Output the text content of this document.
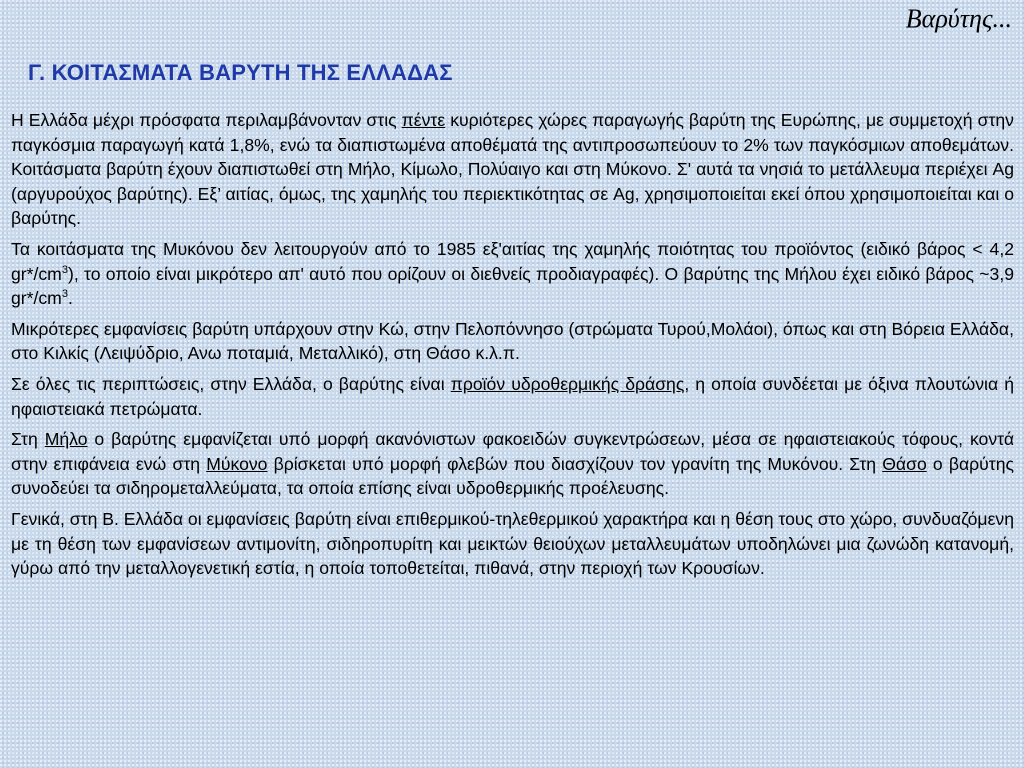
Βαρύτης...
Γ. ΚΟΙΤΑΣΜΑΤΑ ΒΑΡΥΤΗ ΤΗΣ ΕΛΛΑΔΑΣ

Η Ελλάδα μέχρι πρόσφατα περιλαμβάνονταν στις πέντε κυριότερες χώρες παραγωγής βαρύτη της Ευρώπης, με συμμετοχή στην παγκόσμια παραγωγή κατά 1,8%, ενώ τα διαπιστωμένα αποθέματά της αντιπροσωπεύουν το 2% των παγκόσμιων αποθεμάτων. Κοιτάσματα βαρύτη έχουν διαπιστωθεί στη Μήλο, Κίμωλο, Πολύαιγο και στη Μύκονο. Σ' αυτά τα νησιά το μετάλλευμα περιέχει Ag (αργυρούχος βαρύτης). Εξ’ αιτίας, όμως, της χαμηλής του περιεκτικότητας σε Ag, χρησιμοποιείται εκεί όπου χρησιμοποιείται και ο βαρύτης.

Τα κοιτάσματα της Μυκόνου δεν λειτουργούν από το 1985 εξ'αιτίας της χαμηλής ποιότητας του προϊόντος (ειδικό βάρος < 4,2 $gr*/cm^3$), το οποίο είναι μικρότερο απ' αυτό που ορίζουν οι διεθνείς προδιαγραφές). Ο βαρύτης της Μήλου έχει ειδικό βάρος ~3,9 $gr*/cm^3$.

Μικρότερες εμφανίσεις βαρύτη υπάρχουν στην Κώ, στην Πελοπόννησο (στρώματα Τυρού,Μολάοι), όπως και στη Βόρεια Ελλάδα, στο Κιλκίς (Λειψύδριο, Ανω ποταμιά, Μεταλλικό), στη Θάσο κ.λ.π.

Σε όλες τις περιπτώσεις, στην Ελλάδα, ο βαρύτης είναι προϊόν υδροθερμικής δράσης, η οποία συνδέεται με όξινα πλουτώνια ή ηφαιστειακά πετρώματα.

Στη Μήλο ο βαρύτης εμφανίζεται υπό μορφή ακανόνιστων φακοειδών συγκεντρώσεων, μέσα σε ηφαιστειακούς τόφους, κοντά στην επιφάνεια ενώ στη Μύκονο βρίσκεται υπό μορφή φλεβών που διασχίζουν τον γρανίτη της Μυκόνου. Στη Θάσο ο βαρύτης συνοδεύει τα σιδηρομεταλλεύματα, τα οποία επίσης είναι υδροθερμικής προέλευσης.

Γενικά, στη Β. Ελλάδα οι εμφανίσεις βαρύτη είναι επιθερμικού-τηλεθερμικού χαρακτήρα και η θέση τους στο χώρο, συνδυαζόμενη με τη θέση των εμφανίσεων αντιμονίτη, σιδηροπυρίτη και μεικτών θειούχων μεταλλευμάτων υποδηλώνει μια ζωνώδη κατανομή, γύρω από την μεταλλογενετική εστία, η οποία τοποθετείται, πιθανά, στην περιοχή των Κρουσίων.
